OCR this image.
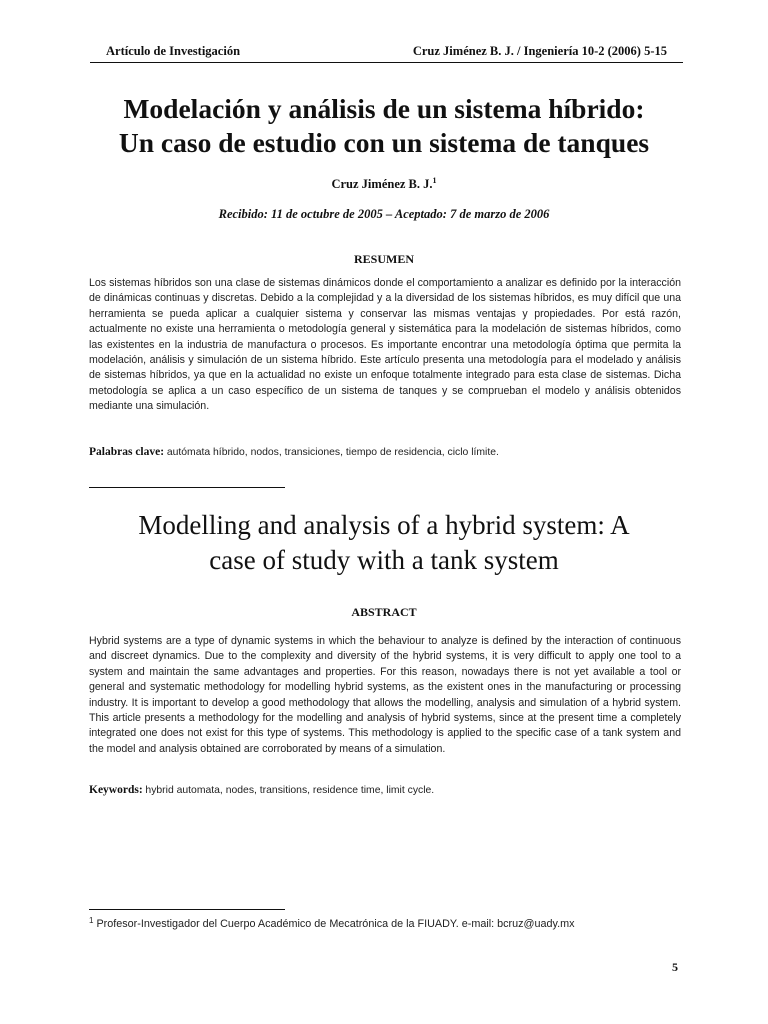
Artículo de Investigación	Cruz Jiménez B. J. / Ingeniería 10-2 (2006) 5-15
Modelación y análisis de un sistema híbrido:
Un caso de estudio con un sistema de tanques
Cruz Jiménez B. J.$^1$
Recibido: 11 de octubre de 2005 – Aceptado: 7 de marzo de 2006
RESUMEN
Los sistemas híbridos son una clase de sistemas dinámicos donde el comportamiento a analizar es definido por la interacción de dinámicas continuas y discretas. Debido a la complejidad y a la diversidad de los sistemas híbridos, es muy difícil que una herramienta se pueda aplicar a cualquier sistema y conservar las mismas ventajas y propiedades. Por está razón, actualmente no existe una herramienta o metodología general y sistemática para la modelación de sistemas híbridos, como las existentes en la industria de manufactura o procesos. Es importante encontrar una metodología óptima que permita la modelación, análisis y simulación de un sistema híbrido. Este artículo presenta una metodología para el modelado y análisis de sistemas híbridos, ya que en la actualidad no existe un enfoque totalmente integrado para esta clase de sistemas. Dicha metodología se aplica a un caso específico de un sistema de tanques y se comprueban el modelo y análisis obtenidos mediante una simulación.
Palabras clave: autómata híbrido, nodos, transiciones, tiempo de residencia, ciclo límite.
Modelling and analysis of a hybrid system: A
case of study with a tank system
ABSTRACT
Hybrid systems are a type of dynamic systems in which the behaviour to analyze is defined by the interaction of continuous and discreet dynamics. Due to the complexity and diversity of the hybrid systems, it is very difficult to apply one tool to a system and maintain the same advantages and properties. For this reason, nowadays there is not yet available a tool or general and systematic methodology for modelling hybrid systems, as the existent ones in the manufacturing or processing industry. It is important to develop a good methodology that allows the modelling, analysis and simulation of a hybrid system. This article presents a methodology for the modelling and analysis of hybrid systems, since at the present time a completely integrated one does not exist for this type of systems. This methodology is applied to the specific case of a tank system and the model and analysis obtained are corroborated by means of a simulation.
Keywords: hybrid automata, nodes, transitions, residence time, limit cycle.
$^1$ Profesor-Investigador del Cuerpo Académico de Mecatrónica de la FIUADY. e-mail: bcruz@uady.mx
5
